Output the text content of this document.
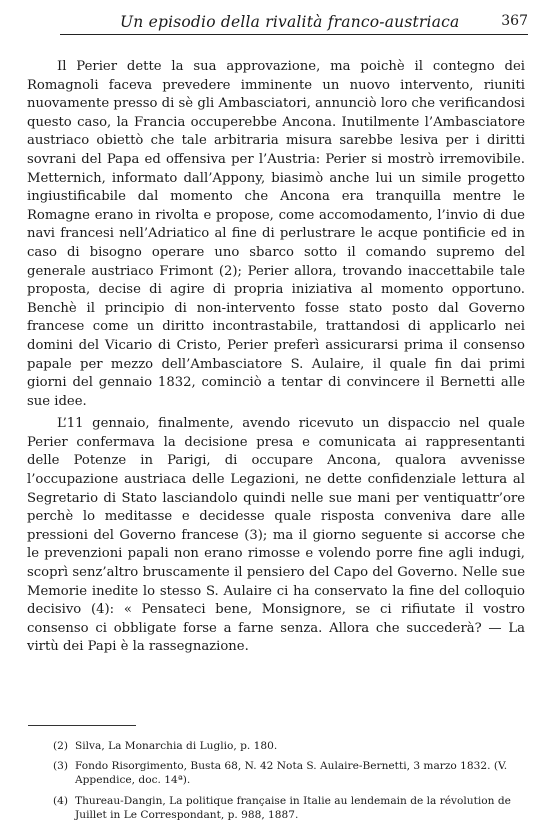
Un episodio della rivalità franco-austriaca	367

Il Perier dette la sua approvazione, ma poichè il contegno dei Romagnoli faceva prevedere imminente un nuovo intervento, riuniti nuovamente presso di sè gli Ambasciatori, annunciò loro che verificandosi questo caso, la Francia occuperebbe Ancona. Inutilmente l’Ambasciatore austriaco obiettò che tale arbitraria misura sarebbe lesiva per i diritti sovrani del Papa ed offensiva per l’Austria: Perier si mostrò irremovibile. Metternich, informato dall’Appony, biasimò anche lui un simile progetto ingiustificabile dal momento che Ancona era tranquilla mentre le Romagne erano in rivolta e propose, come accomodamento, l’invio di due navi francesi nell’Adriatico al fine di perlustrare le acque pontificie ed in caso di bisogno operare uno sbarco sotto il comando supremo del generale austriaco Frimont (2); Perier allora, trovando inaccettabile tale proposta, decise di agire di propria iniziativa al momento opportuno. Benchè il principio di non-intervento fosse stato posto dal Governo francese come un diritto incontrastabile, trattandosi di applicarlo nei domini del Vicario di Cristo, Perier preferì assicurarsi prima il consenso papale per mezzo dell’Ambasciatore S. Aulaire, il quale fin dai primi giorni del gennaio 1832, cominciò a tentar di convincere il Bernetti alle sue idee.

L’11 gennaio, finalmente, avendo ricevuto un dispaccio nel quale Perier confermava la decisione presa e comunicata ai rappresentanti delle Potenze in Parigi, di occupare Ancona, qualora avvenisse l’occupazione austriaca delle Legazioni, ne dette confidenziale lettura al Segretario di Stato lasciandolo quindi nelle sue mani per ventiquattr’ore perchè lo meditasse e decidesse quale risposta conveniva dare alle pressioni del Governo francese (3); ma il giorno seguente si accorse che le prevenzioni papali non erano rimosse e volendo porre fine agli indugi, scoprì senz’altro bruscamente il pensiero del Capo del Governo. Nelle sue Memorie inedite lo stesso S. Aulaire ci ha conservato la fine del colloquio decisivo (4): « Pensateci bene, Monsignore, se ci rifiutate il vostro consenso ci obbligate forse a farne senza. Allora che succederà? — La virtù dei Papi è la rassegnazione.

(2) Silva, La Monarchia di Luglio, p. 180.

(3) Fondo Risorgimento, Busta 68, N. 42 Nota S. Aulaire-Bernetti, 3 marzo 1832. (V. Appendice, doc. 14ª).

(4) Thureau-Dangin, La politique française in Italie au lendemain de la révolution de Juillet in Le Correspondant, p. 988, 1887.
